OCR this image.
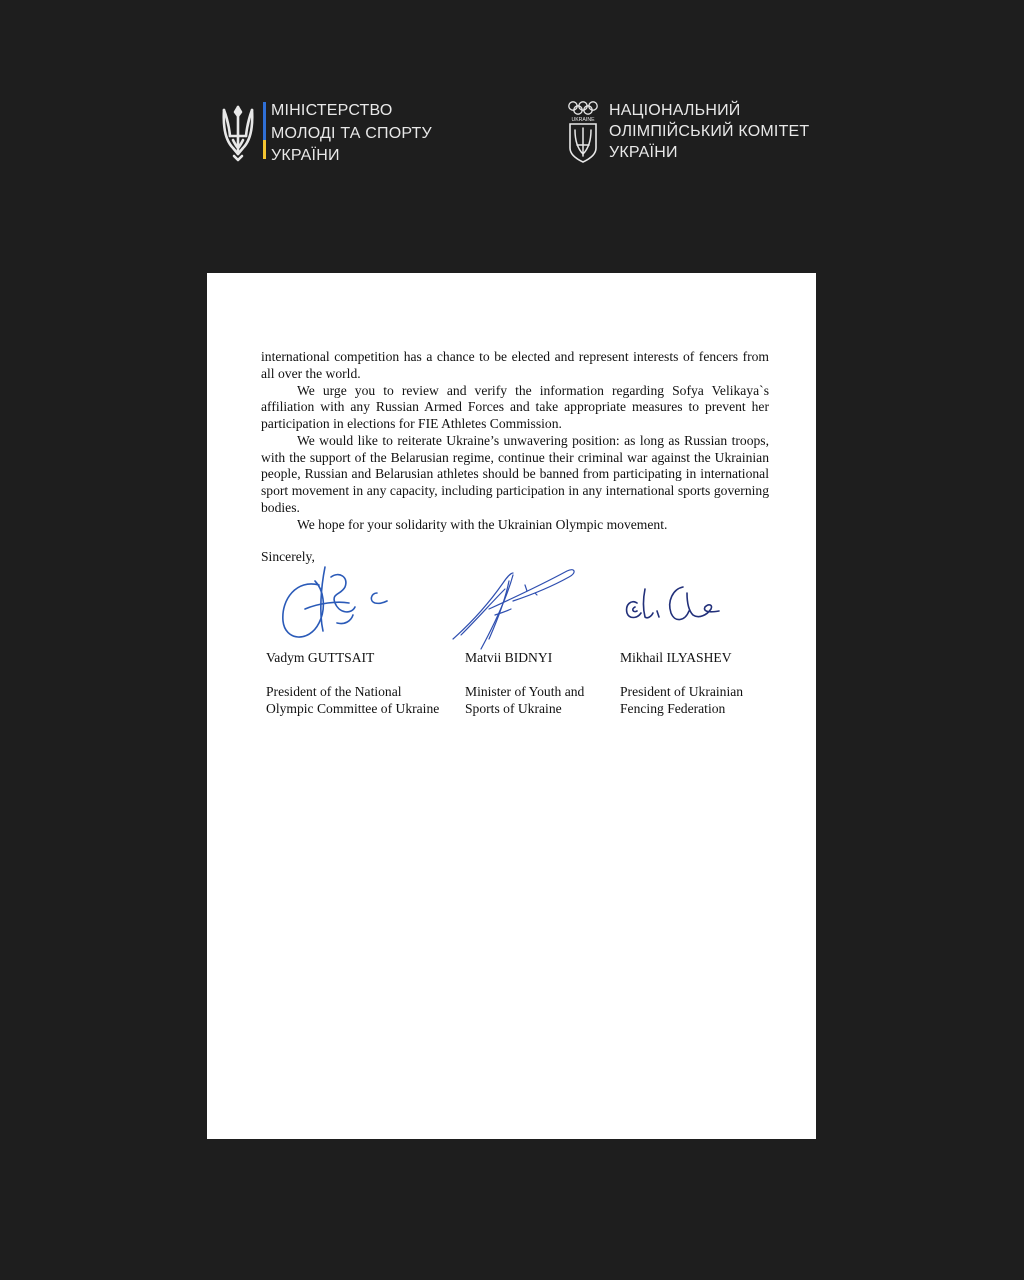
МІНІСТЕРСТВО
МОЛОДІ ТА СПОРТУ
УКРАЇНИ
UKRAINE
НАЦІОНАЛЬНИЙ
ОЛІМПІЙСЬКИЙ КОМІТЕТ
УКРАЇНИ

international competition has a chance to be elected and represent interests of fencers from all over the world.

We urge you to review and verify the information regarding Sofya Velikaya`s affiliation with any Russian Armed Forces and take appropriate measures to prevent her participation in elections for FIE Athletes Commission.

We would like to reiterate Ukraine’s unwavering position: as long as Russian troops, with the support of the Belarusian regime, continue their criminal war against the Ukrainian people, Russian and Belarusian athletes should be banned from participating in international sport movement in any capacity, including participation in any international sports governing bodies.

We hope for your solidarity with the Ukrainian Olympic movement.

Sincerely,
Vadym GUTTSAIT
President of the National
Olympic Committee of Ukraine
Matvii BIDNYI
Minister of Youth and
Sports of Ukraine
Mikhail ILYASHEV
President of Ukrainian
Fencing Federation
